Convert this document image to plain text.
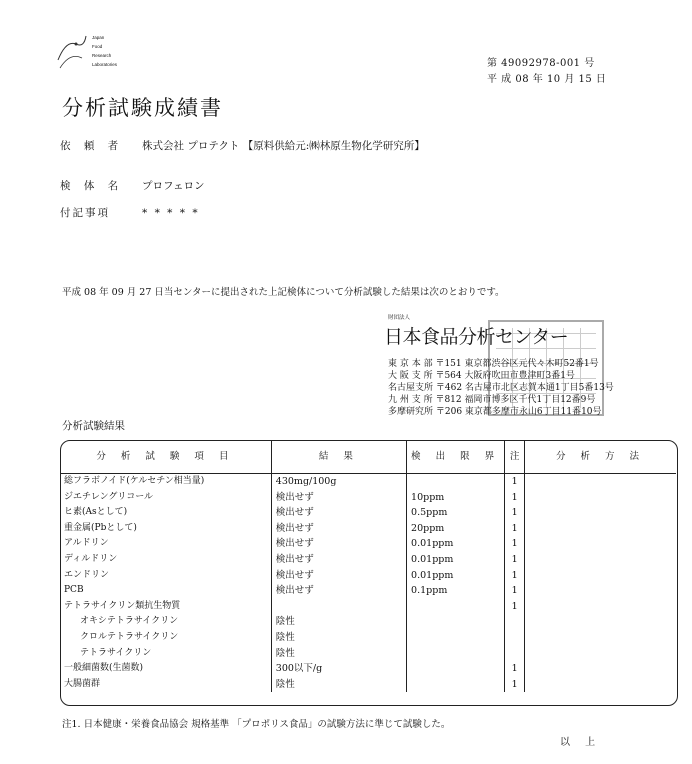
Japan
Food
Research
Laboratories	第 49092978-001 号
平 成 08 年 10 月 15 日
分析試験成績書
依 頼 者 株式会社 プロテクト 【原料供給元:㈱林原生物化学研究所】
検 体 名 プロフェロン
付記事項	* * * * *
平成 08 年 09 月 27 日当センターに提出された上記検体について分析試験した結果は次のとおりです。
財団法人
日本食品分析センター
東 京 本 部 〒151 東京都渋谷区元代々木町52番1号
大 阪 支 所 〒564 大阪府吹田市豊津町3番1号
名古屋支所 〒462 名古屋市北区志賀本通1丁目5番13号
九 州 支 所 〒812 福岡市博多区千代1丁目12番9号
多摩研究所 〒206 東京都多摩市永山6丁目11番10号
分析試験結果
分 析 試 験 項 目	結 果	検 出 限 界	注	分 析 方 法
総フラボノイド(ケルセチン相当量)	430mg/100g		1	
ジエチレングリコール	検出せず	10ppm	1	
ヒ素(Asとして)	検出せず	0.5ppm	1	
重金属(Pbとして)	検出せず	20ppm	1	
アルドリン	検出せず	0.01ppm	1	
ディルドリン	検出せず	0.01ppm	1	
エンドリン	検出せず	0.01ppm	1	
PCB	検出せず	0.1ppm	1	
テトラサイクリン類抗生物質			1	
オキシテトラサイクリン	陰性			
クロルテトラサイクリン	陰性			
テトラサイクリン	陰性			
一般細菌数(生菌数)	300以下/g		1	
大腸菌群	陰性		1	
注1. 日本健康・栄養食品協会 規格基準 「プロポリス食品」の試験方法に準じて試験した。
以 上
